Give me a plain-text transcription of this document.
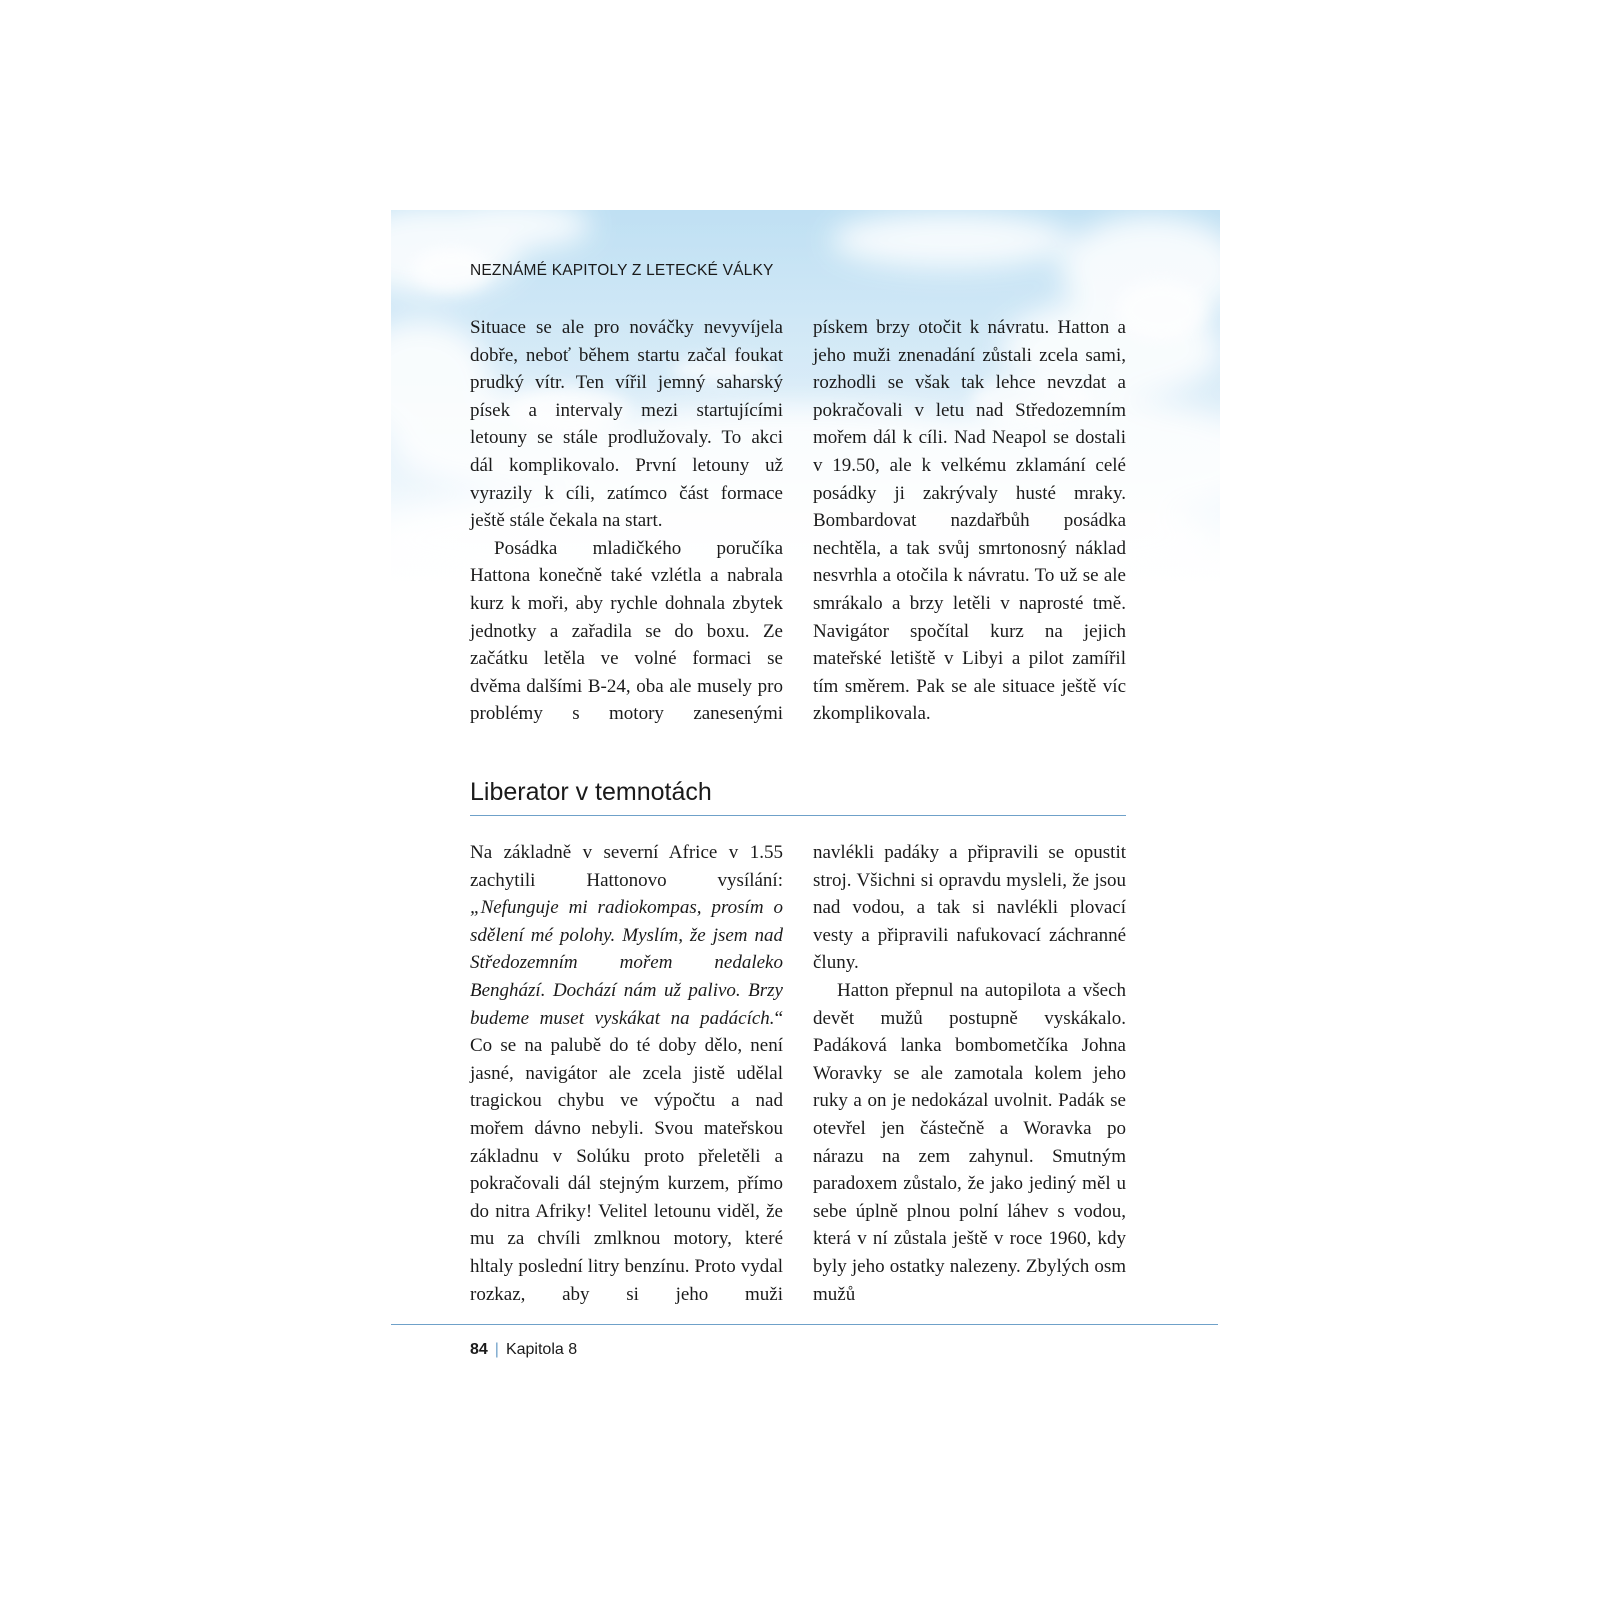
NEZNÁMÉ KAPITOLY Z LETECKÉ VÁLKY

Situace se ale pro nováčky nevyvíjela dobře, neboť během startu začal foukat prudký vítr. Ten vířil jemný saharský písek a intervaly mezi startujícími letouny se stále prodlužovaly. To akci dál komplikovalo. První letouny už vyrazily k cíli, zatímco část formace ještě stále čekala na start.

Posádka mladičkého poručíka Hattona konečně také vzlétla a nabrala kurz k moři, aby rychle dohnala zbytek jednotky a zařadila se do boxu. Ze začátku letěla ve volné formaci se dvěma dalšími B-24, oba ale musely pro problémy s motory zanesenými

pískem brzy otočit k návratu. Hatton a jeho muži znenadání zůstali zcela sami, rozhodli se však tak lehce nevzdat a pokračovali v letu nad Středozemním mořem dál k cíli. Nad Neapol se dostali v 19.50, ale k velkému zklamání celé posádky ji zakrývaly husté mraky. Bombardovat nazdařbůh posádka nechtěla, a tak svůj smrtonosný náklad nesvrhla a otočila k návratu. To už se ale smrákalo a brzy letěli v naprosté tmě. Navigátor spočítal kurz na jejich mateřské letiště v Libyi a pilot zamířil tím směrem. Pak se ale situace ještě víc zkomplikovala.

Liberator v temnotách

Na základně v severní Africe v 1.55 zachytili Hattonovo vysílání: „Nefunguje mi radiokompas, prosím o sdělení mé polohy. Myslím, že jsem nad Středozemním mořem nedaleko Benghází. Dochází nám už palivo. Brzy budeme muset vyskákat na padácích.“ Co se na palubě do té doby dělo, není jasné, navigátor ale zcela jistě udělal tragickou chybu ve výpočtu a nad mořem dávno nebyli. Svou mateřskou základnu v Solúku proto přeletěli a pokračovali dál stejným kurzem, přímo do nitra Afriky! Velitel letounu viděl, že mu za chvíli zmlknou motory, které hltaly poslední litry benzínu. Proto vydal rozkaz, aby si jeho muži

navlékli padáky a připravili se opustit stroj. Všichni si opravdu mysleli, že jsou nad vodou, a tak si navlékli plovací vesty a připravili nafukovací záchranné čluny.

Hatton přepnul na autopilota a všech devět mužů postupně vyskákalo. Padáková lanka bombometčíka Johna Woravky se ale zamotala kolem jeho ruky a on je nedokázal uvolnit. Padák se otevřel jen částečně a Woravka po nárazu na zem zahynul. Smutným paradoxem zůstalo, že jako jediný měl u sebe úplně plnou polní láhev s vodou, která v ní zůstala ještě v roce 1960, kdy byly jeho ostatky nalezeny. Zbylých osm mužů

84 | Kapitola 8
